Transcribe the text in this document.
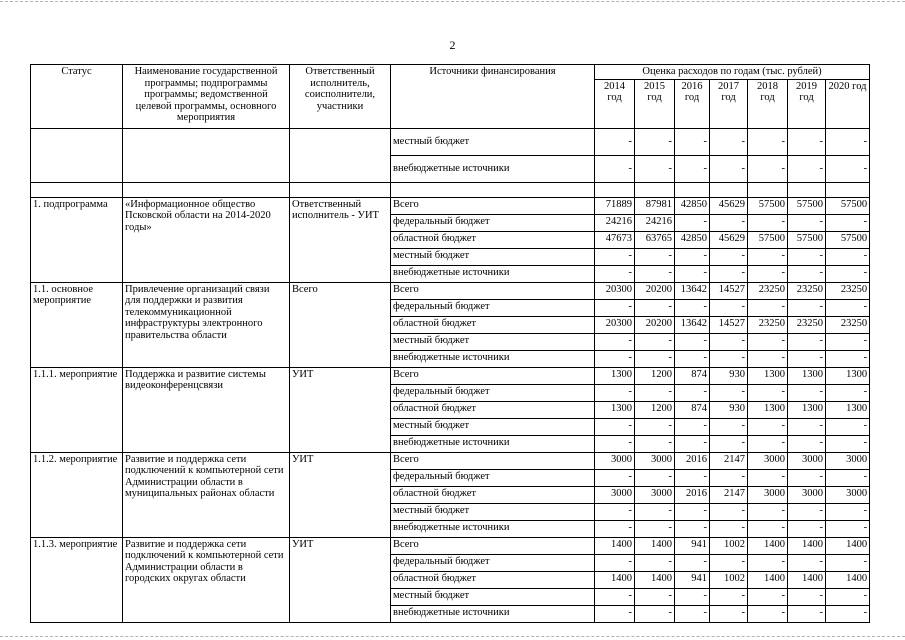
2
Статус	Наименование государственной программы; подпрограммы программы; ведомственной целевой программы, основного мероприятия	Ответственный исполнитель, соисполнители, участники	Источники финансирования	Оценка расходов по годам (тыс. рублей)						
				2014 год	2015 год	2016 год	2017 год	2018 год	2019 год	2020 год

			местный бюджет	-	-	-	-	-	-	-
			внебюджетные источники	-	-	-	-	-	-	-

1. подпрограмма	«Информационное общество Псковской области на 2014-2020 годы»	Ответственный исполнитель - УИТ	Всего	71889	87981	42850	45629	57500	57500	57500
			федеральный бюджет	24216	24216	-	-	-	-	-
			областной бюджет	47673	63765	42850	45629	57500	57500	57500
			местный бюджет	-	-	-	-	-	-	-
			внебюджетные источники	-	-	-	-	-	-	-
1.1. основное мероприятие	Привлечение организаций связи для поддержки и развития телекоммуникационной инфраструктуры электронного правительства области	Всего	Всего	20300	20200	13642	14527	23250	23250	23250
			федеральный бюджет	-	-	-	-	-	-	-
			областной бюджет	20300	20200	13642	14527	23250	23250	23250
			местный бюджет	-	-	-	-	-	-	-
			внебюджетные источники	-	-	-	-	-	-	-
1.1.1. мероприятие	Поддержка и развитие системы видеоконференцсвязи	УИТ	Всего	1300	1200	874	930	1300	1300	1300
			федеральный бюджет	-	-	-	-	-	-	-
			областной бюджет	1300	1200	874	930	1300	1300	1300
			местный бюджет	-	-	-	-	-	-	-
			внебюджетные источники	-	-	-	-	-	-	-
1.1.2. мероприятие	Развитие и поддержка сети подключений к компьютерной сети Администрации области в муниципальных районах области	УИТ	Всего	3000	3000	2016	2147	3000	3000	3000
			федеральный бюджет	-	-	-	-	-	-	-
			областной бюджет	3000	3000	2016	2147	3000	3000	3000
			местный бюджет	-	-	-	-	-	-	-
			внебюджетные источники	-	-	-	-	-	-	-
1.1.3. мероприятие	Развитие и поддержка сети подключений к компьютерной сети Администрации области в городских округах области	УИТ	Всего	1400	1400	941	1002	1400	1400	1400
			федеральный бюджет	-	-	-	-	-	-	-
			областной бюджет	1400	1400	941	1002	1400	1400	1400
			местный бюджет	-	-	-	-	-	-	-
			внебюджетные источники	-	-	-	-	-	-	-
